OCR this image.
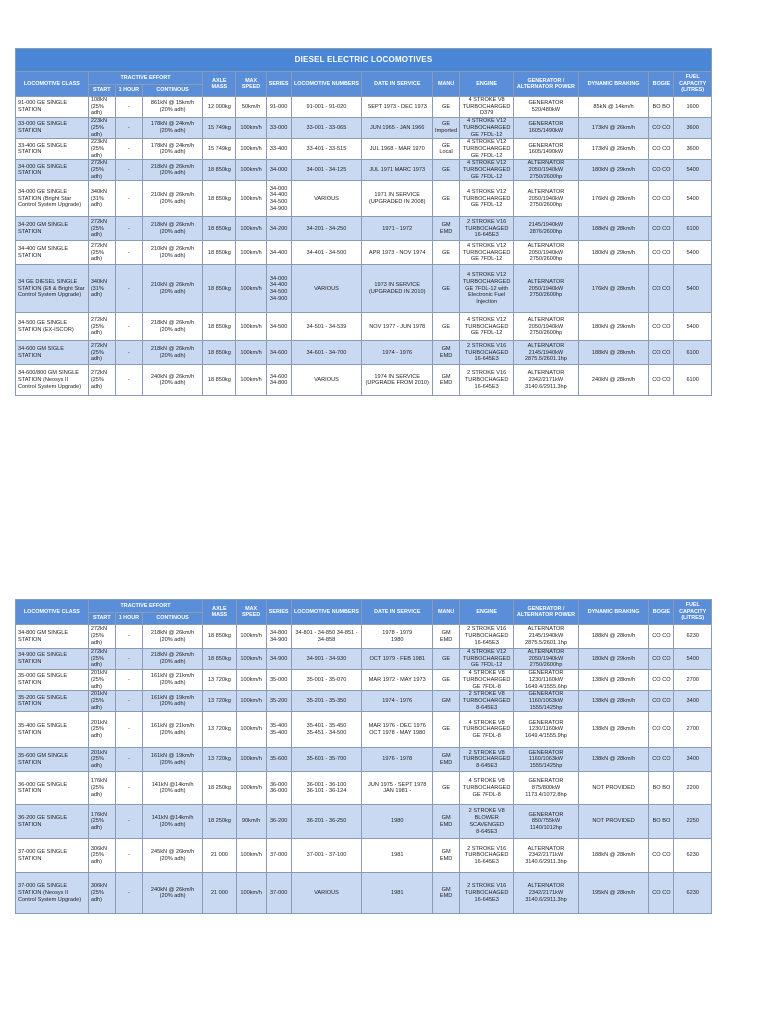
DIESEL ELECTRIC LOCOMOTIVES														
LOCOMOTIVE CLASS	TRACTIVE EFFORT			AXLE MASS	MAX SPEED	SERIES	LOCOMOTIVE NUMBERS	DATE IN SERVICE	MANU	ENGINE	GENERATOR / ALTERNATOR POWER	DYNAMIC BRAKING	BOGIE	FUEL CAPACITY (LITRES)
	START	1 HOUR	CONTINOUS											
91-000 GE SINGLE STATION	108kN
(25%
adh)	-	861kN @ 15km/h
(20% adh)	12 000kg	50km/h	91-000	91-001 - 91-020	SEPT 1973 - DEC 1973	GE	4 STROKE V8
TURBOCHARGED
D379	GENERATOR
520/480kW	85kN @ 14km/h	BO BO	1600
33-000 GE SINGLE STATION	223kN
(25%
adh)	-	178kN @ 24km/h
(20% adh)	15 749kg	100km/h	33-000	33-001 - 33-065	JUN 1965 - JAN 1966	GE
Imported	4 STROKE V12
TURBOCHARGED
GE 7FDL-12	GENERATOR
1605/1490kW	173kN @ 26km/h	CO CO	3600
33-400 GE SINGLE STATION	223kN
(25%
adh)	-	178kN @ 24km/h
(20% adh)	15 749kg	100km/h	33-400	33-401 - 33-515	JUL 1968 - MAR 1970	GE
Local	4 STROKE V12
TURBOCHARGED
GE 7FDL-12	GENERATOR
1605/1490kW	173kN @ 26km/h	CO CO	3600
34-000 GE SINGLE STATION	272kN
(25%
adh)	-	218kN @ 26km/h
(20% adh)	18 850kg	100km/h	34-000	34-001 - 34-125	JUL 1971 MARC 1973	GE	4 STROKE V12
TURBOCHARGED
GE 7FDL-12	ALTERNATOR
2050/1940kW
2750/2600hp	180kN @ 29km/h	CO CO	5400
34-000 GE SINGLE STATION (Bright Star Control System Upgrade)	340kN
(31%
adh)	-	210kN @ 26km/h
(20% adh)	18 850kg	100km/h	34-000
34-400
34-500
34-900	VARIOUS	1971 IN SERVICE
(UPGRADED IN 2008)	GE	4 STROKE V12
TURBOCHARGED
GE 7FDL-12	ALTERNATOR
2050/1940kW
2750/2600hp	176kN @ 28km/h	CO CO	5400
34-200 GM SINGLE STATION	272kN
(25%
adh)	-	218kN @ 26km/h
(20% adh)	18 850kg	100km/h	34-200	34-201 - 34-250	1971 - 1972	GM
EMD	2 STROKE V16
TURBOCHAGED
16-645E3	2145/1940kW
2876/2600hp	188kN @ 28km/h	CO CO	6100
34-400 GM SINGLE STATION	272kN
(25%
adh)	-	210kN @ 26km/h
(20% adh)	18 850kg	100km/h	34-400	34-401 - 34-500	APR 1973 - NOV 1974	GE	4 STROKE V12
TURBOCHARGED
GE 7FDL-12	ALTERNATOR
2050/1940kW
2750/2600hp	180kN @ 29km/h	CO CO	5400
34 GE DIESEL SINGLE STATION (Efi & Bright Star Control System Upgrade)	340kN
(31%
adh)	-	210kN @ 26km/h
(20% adh)	18 850kg	100km/h	34-000
34-400
34-500
34-900	VARIOUS	1973 IN SERVICE
(UPGRADED IN 2010)	GE	4 STROKE V12
TURBOCHARGED
GE 7FDL-12 with
Electronic Fuel
Injection	ALTERNATOR
2050/1940kW
2750/2600hp	176kN @ 28km/h	CO CO	5400
34-500 GE SINGLE STATION (EX-ISCOR)	272kN
(25%
adh)	-	218kN @ 26km/h
(20% adh)	18 850kg	100km/h	34-500	34-501 - 34-539	NOV 1977 - JUN 1978	GE	4 STROKE V12
TURBOCHAGED
GE 7FDL-12	ALTERNATOR
2050/1940kW
2750/2600hp	180kN @ 29km/h	CO CO	5400
34-600 GM SIGLE STATION	272kN
(25%
adh)	-	218kN @ 26km/h
(20% adh)	18 850kg	100km/h	34-600	34-601 - 34-700	1974 - 1976	GM
EMD	2 STROKE V16
TURBOCHAGED
16-645E3	ALTERNATOR
2145/1940kW
2875.5/2601.1hp	188kN @ 28km/h	CO CO	6100
34-600/800 GM SINGLE STATION (Neosys II Control System Upgrade)	272kN
(25%
adh)	-	240kN @ 26km/h
(20% adh)	18 850kg	100km/h	34-600
34-800	VARIOUS	1974 IN SERVICE
(UPGRADE FROM 2010)	GM
EMD	2 STROKE V16
TURBOCHAGED
16-645E3	ALTERNATOR
2342/2171kW
3140.6/2911.3hp	240kN @ 28km/h	CO CO	6100
LOCOMOTIVE CLASS	TRACTIVE EFFORT			AXLE MASS	MAX SPEED	SERIES	LOCOMOTIVE NUMBERS	DATE IN SERVICE	MANU	ENGINE	GENERATOR / ALTERNATOR POWER	DYNAMIC BRAKING	BOGIE	FUEL CAPACITY (LITRES)
	START	1 HOUR	CONTINOUS											
34-800 GM SINGLE STATION	272kN
(25%
adh)	-	218kN @ 26km/h
(20% adh)	18 850kg	100km/h	34-800
34-900	34-801 - 34-850 34-851 -
34-858	1978 - 1979
1980	GM
EMD	2 STROKE V16
TURBOCHAGED
16-645E3	ALTERNATOR
2145/1940kW
2875.5/2601.1hp	188kN @ 28km/h	CO CO	6230
34-900 GE SINGLE STATION	272kN
(25%
adh)	-	218kN @ 26km/h
(20% adh)	18 850kg	100km/h	34-900	34-901 - 34-930	OCT 1979 - FEB 1981	GE	4 STROKE V12
TURBOCHARGED
GE 7FDL-12	ALTERNATOR
2050/1940kW
2750/2600hp	180kN @ 29km/h	CO CO	5400
35-000 GE SINGLE STATION	201kN
(25%
adh)	-	161kN @ 21km/h
(20% adh)	13 720kg	100km/h	35-000	35-001 - 35-070	MAR 1972 - MAY 1973	GE	4 STROKE V8
TURBOCHARGED
GE 7FDL-8	GENERATOR
1230/1160kW
1649.4/1555.6hp	138kN @ 28km/h	CO CO	2700
35-200 GE SINGLE STATION	201kN
(25%
adh)	-	161kN @ 19km/h
(20% adh)	13 720kg	100km/h	35-200	35-201 - 35-350	1974 - 1976	GM	2 STROKE V8
TURBOCHARGED
8-645E3	GENERATOR
1160/1063kW
1555/1425hp	138kN @ 28km/h	CO CO	3400
35-400 GE SINGLE STATION	201kN
(25%
adh)	-	161kN @ 21km/h
(20% adh)	13 720kg	100km/h	35-400
35-400	35-401 - 35-450
35-451 - 34-500	MAR 1976 - DEC 1976
OCT 1978 - MAY 1980	GE	4 STROKE V8
TURBOCHARGED
GE 7FDL-8	GENERATOR
1230/1160kW
1649.4/1555.9hp	138kN @ 28km/h	CO CO	2700
35-600 GM SINGLE STATION	201kN
(25%
adh)	-	161kN @ 19km/h
(20% adh)	13 720kg	100km/h	35-600	35-601 - 35-700	1976 - 1978	GM
EMD	2 STROKE V8
TURBOCHARGED
8-645E3	GENERATOR
1160/1063kW
1555/1425hp	138kN @ 28km/h	CO CO	3400
36-000 GE SINGLE STATION	176kN
(25%
adh)	-	141kN @14km/h
(20% adh)	18 250kg	100km/h	36-000
36-000	36-001 - 36-100
36-101 - 36-124	JUN 1975 - SEPT 1978
JAN 1981 -	GE	4 STROKE V8
TURBOCHARGED
GE 7FDL-8	GENERATOR
875/800kW
1173.4/1072.8hp	NOT PROVIDED	BO BO	2200
36-200 GE SINGLE STATION	176kN
(25%
adh)	-	141kN @14km/h
(20% adh)	18 250kg	90km/h	36-200	36-201 - 36-250	1980	GM
EMD	2 STROKE V8
BLOWER
SCAVENGED
8-645E3	GENERATOR
850/755kW
1140/1012hp	NOT PROVIDED	BO BO	2250
37-000 GE SINGLE STATION	306kN
(25%
adh)	-	245kN @ 26km/h
(20% adh)	21 000	100km/h	37-000	37-001 - 37-100	1981	GM
EMD	2 STROKE V16
TURBOCHAGED
16-645E3	ALTERNATOR
2342/2171kW
3140.6/2911.3hp	188kN @ 28km/h	CO CO	6230
37-000 GE SINGLE STATION (Neosys II Control System Upgrade)	306kN
(25%
adh)	-	240kN @ 26km/h
(20% adh)	21 000	100km/h	37-000	VARIOUS	1981	GM
EMD	2 STROKE V16
TURBOCHAGED
16-645E3	ALTERNATOR
2342/2171kW
3140.6/2911.3hp	195kN @ 28km/h	CO CO	6230
